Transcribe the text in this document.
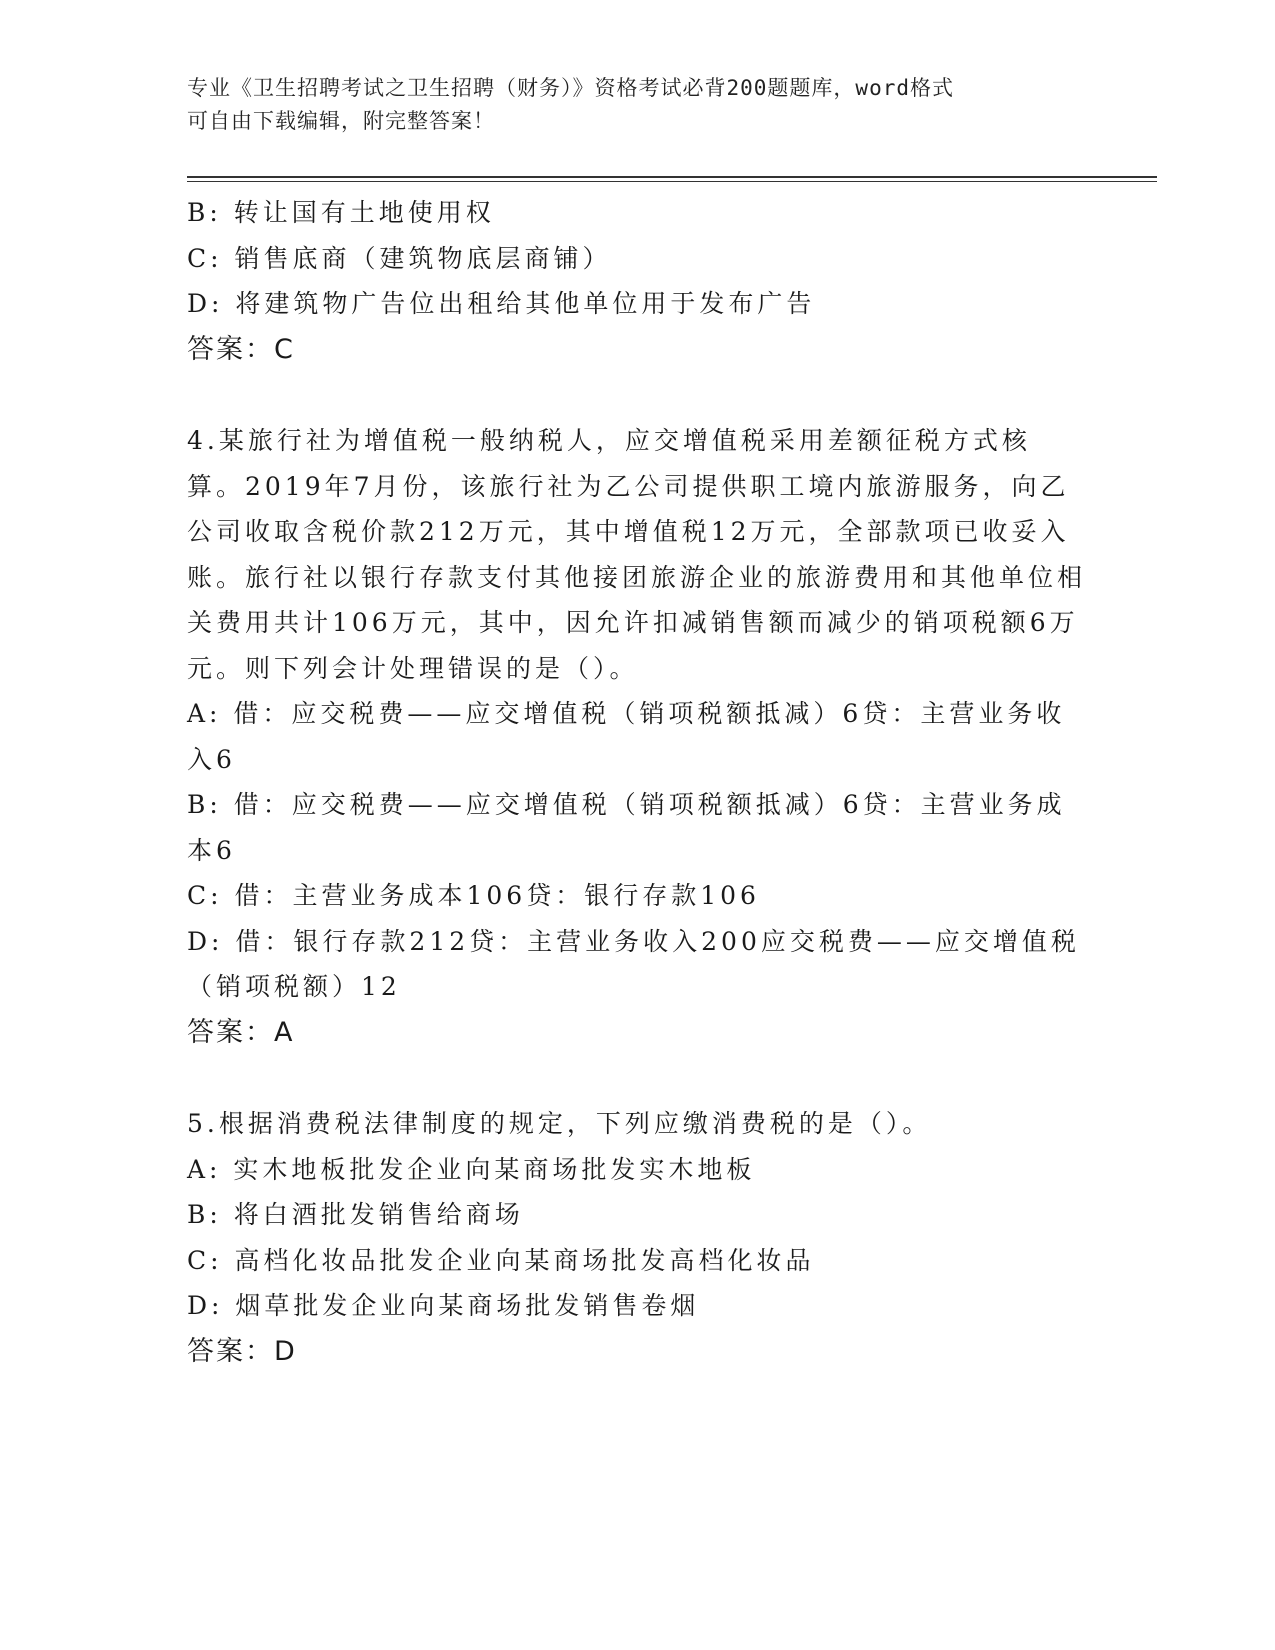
专业《卫生招聘考试之卫生招聘（财务）》资格考试必背200题题库，word格式
可自由下载编辑，附完整答案！
B: 转让国有土地使用权
C: 销售底商（建筑物底层商铺）
D: 将建筑物广告位出租给其他单位用于发布广告
答案：C
4.某旅行社为增值税一般纳税人，应交增值税采用差额征税方式核算。2019年7月份，该旅行社为乙公司提供职工境内旅游服务，向乙公司收取含税价款212万元，其中增值税12万元，全部款项已收妥入账。旅行社以银行存款支付其他接团旅游企业的旅游费用和其他单位相关费用共计106万元，其中，因允许扣减销售额而减少的销项税额6万元。则下列会计处理错误的是（）。
A: 借：应交税费——应交增值税（销项税额抵减）6贷：主营业务收入6
B: 借：应交税费——应交增值税（销项税额抵减）6贷：主营业务成本6
C: 借：主营业务成本106贷：银行存款106
D: 借：银行存款212贷：主营业务收入200应交税费——应交增值税（销项税额）12
答案：A
5.根据消费税法律制度的规定，下列应缴消费税的是（）。
A: 实木地板批发企业向某商场批发实木地板
B: 将白酒批发销售给商场
C: 高档化妆品批发企业向某商场批发高档化妆品
D: 烟草批发企业向某商场批发销售卷烟
答案：D
